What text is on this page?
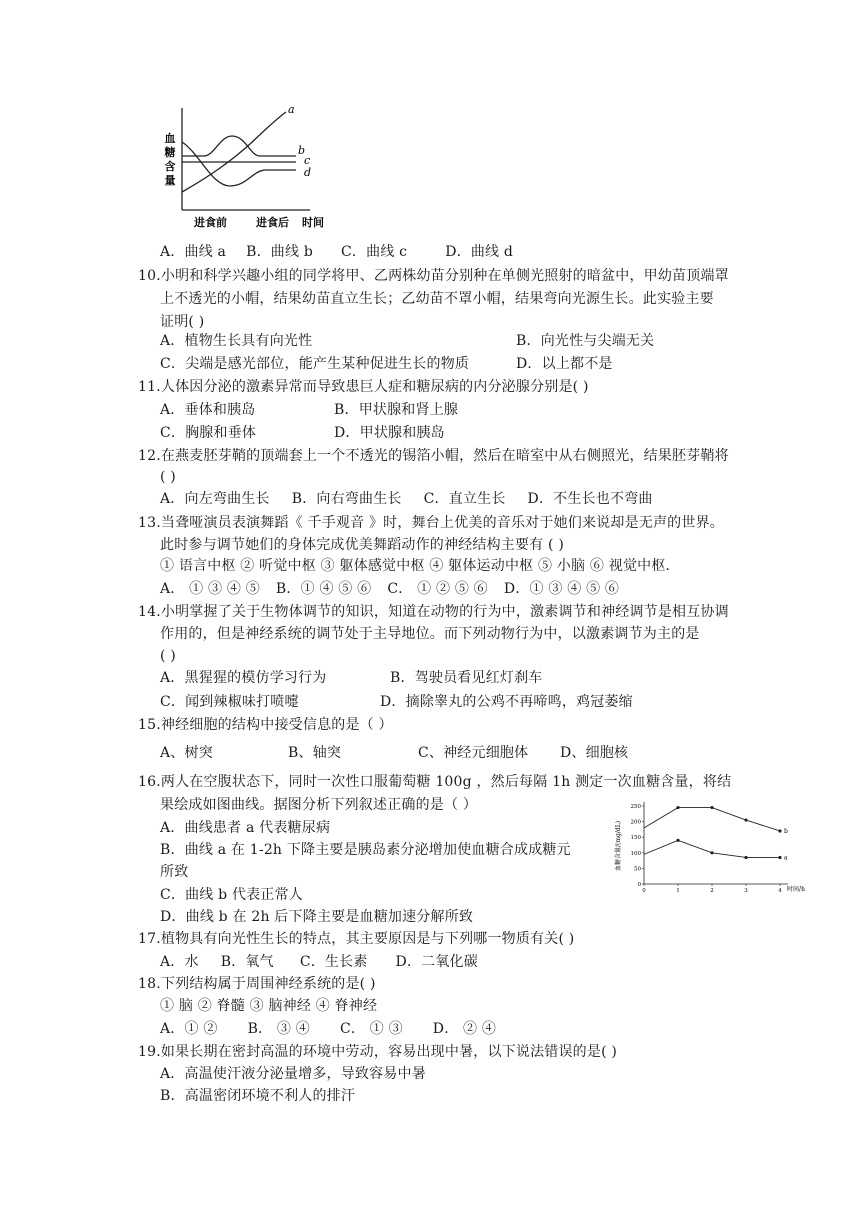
血
糖
含
量
a
b
c
d
进食前	进食后 时间
A．曲线 a B．曲线 b C．曲线 c	D．曲线 d
10.小明和科学兴趣小组的同学将甲、乙两株幼苗分别种在单侧光照射的暗盆中，甲幼苗顶端罩
上不透光的小帽，结果幼苗直立生长；乙幼苗不罩小帽，结果弯向光源生长。此实验主要
证明( )
A．植物生长具有向光性	B．向光性与尖端无关
C．尖端是感光部位，能产生某种促进生长的物质	D．以上都不是
11.人体因分泌的激素异常而导致患巨人症和糖尿病的内分泌腺分别是( )
A．垂体和胰岛	B．甲状腺和肾上腺
C．胸腺和垂体	D．甲状腺和胰岛
12.在燕麦胚芽鞘的顶端套上一个不透光的锡箔小帽，然后在暗室中从右侧照光，结果胚芽鞘将
( )
A．向左弯曲生长 B．向右弯曲生长 C．直立生长 D．不生长也不弯曲
13.当聋哑演员表演舞蹈《 千手观音 》时，舞台上优美的音乐对于她们来说却是无声的世界。
此时参与调节她们的身体完成优美舞蹈动作的神经结构主要有 ( )
① 语言中枢 ② 听觉中枢 ③ 躯体感觉中枢 ④ 躯体运动中枢 ⑤ 小脑 ⑥ 视觉中枢．
A． ① ③ ④ ⑤ B．① ④ ⑤ ⑥ C． ① ② ⑤ ⑥ D．① ③ ④ ⑤ ⑥
14.小明掌握了关于生物体调节的知识，知道在动物的行为中，激素调节和神经调节是相互协调
作用的，但是神经系统的调节处于主导地位。而下列动物行为中，以激素调节为主的是
( )
A．黑猩猩的模仿学习行为	B．驾驶员看见红灯刹车
C．闻到辣椒味打喷嚏	D．摘除睾丸的公鸡不再啼鸣，鸡冠萎缩
15.神经细胞的结构中接受信息的是（ ）
A、树突	B、轴突	C、神经元细胞体 D、细胞核
16.两人在空腹状态下，同时一次性口服葡萄糖 100g ，然后每隔 1h 测定一次血糖含量，将结
果绘成如图曲线。据图分析下列叙述正确的是（ ）
A．曲线患者 a 代表糖尿病
B．曲线 a 在 1-2h 下降主要是胰岛素分泌增加使血糖合成成糖元
所致
C．曲线 b 代表正常人
D．曲线 b 在 2h 后下降主要是血糖加速分解所致
0
50
100
150
200
250
0	1	2	3	4
b
a
血糖含量/(mg/dL)
时间/h
17.植物具有向光性生长的特点，其主要原因是与下列哪一物质有关( )
A．水 B．氧气 C．生长素 D．二氧化碳
18.下列结构属于周围神经系统的是( )
① 脑 ② 脊髓 ③ 脑神经 ④ 脊神经
A．① ② B． ③ ④ C． ① ③ D． ② ④
19.如果长期在密封高温的环境中劳动，容易出现中暑，以下说法错误的是( )
A．高温使汗液分泌量增多，导致容易中暑
B．高温密闭环境不利人的排汗
